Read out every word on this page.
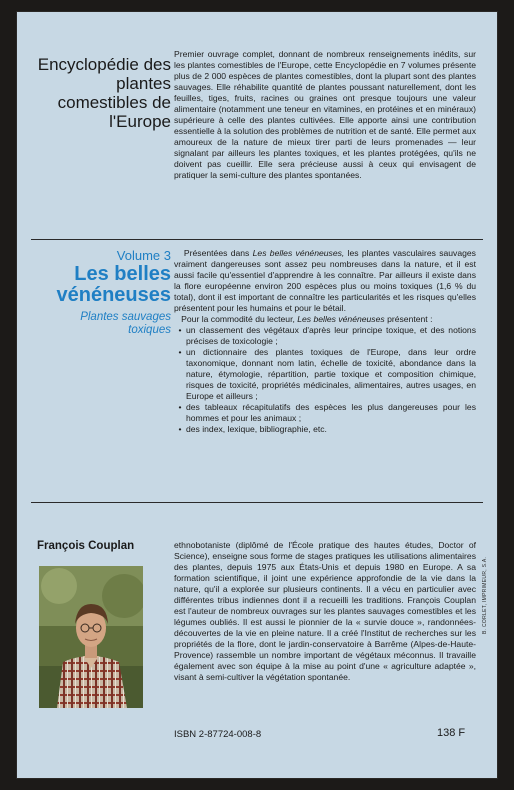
Encyclopédie des plantes comestibles de l'Europe
Premier ouvrage complet, donnant de nombreux renseignements inédits, sur les plantes comestibles de l'Europe, cette Encyclopédie en 7 volumes présente plus de 2 000 espèces de plantes comestibles, dont la plupart sont des plantes sauvages. Elle réhabilite quantité de plantes poussant naturellement, dont les feuilles, tiges, fruits, racines ou graines ont presque toujours une valeur alimentaire (notamment une teneur en vitamines, en protéines et en minéraux) supérieure à celle des plantes cultivées. Elle apporte ainsi une contribution essentielle à la solution des problèmes de nutrition et de santé. Elle permet aux amoureux de la nature de mieux tirer parti de leurs promenades — leur signalant par ailleurs les plantes toxiques, et les plantes protégées, qu'ils ne doivent pas cueillir. Elle sera précieuse aussi à ceux qui envisagent de pratiquer la semi-culture des plantes spontanées.
Volume 3
Les belles vénéneuses
Plantes sauvages toxiques

Présentées dans Les belles vénéneuses, les plantes vasculaires sauvages vraiment dangereuses sont assez peu nombreuses dans la nature, et il est aussi facile qu'essentiel d'apprendre à les connaître. Par ailleurs il existe dans la flore européenne environ 200 espèces plus ou moins toxiques (1,6 % du total), dont il est important de connaître les particularités et les risques qu'elles présentent pour les humains et pour le bétail.

Pour la commodité du lecteur, Les belles vénéneuses présentent :

• un classement des végétaux d'après leur principe toxique, et des notions précises de toxicologie ;
• un dictionnaire des plantes toxiques de l'Europe, dans leur ordre taxonomique, donnant nom latin, échelle de toxicité, abondance dans la nature, étymologie, répartition, partie toxique et composition chimique, risques de toxicité, propriétés médicinales, alimentaires, autres usages, en Europe et ailleurs ;
• des tableaux récapitulatifs des espèces les plus dangereuses pour les hommes et pour les animaux ;
• des index, lexique, bibliographie, etc.
François Couplan	ethnobotaniste (diplômé de l'École pratique des hautes études, Doctor of Science), enseigne sous forme de stages pratiques les utilisations alimentaires des plantes, depuis 1975 aux États-Unis et depuis 1980 en Europe. A sa formation scientifique, il joint une expérience approfondie de la vie dans la nature, qu'il a explorée sur plusieurs continents. Il a vécu en particulier avec différentes tribus indiennes dont il a recueilli les traditions. François Couplan est l'auteur de nombreux ouvrages sur les plantes sauvages comestibles et les légumes oubliés. Il est aussi le pionnier de la « survie douce », randonnées-découvertes de la vie en pleine nature. Il a créé l'Institut de recherches sur les propriétés de la flore, dont le jardin-conservatoire à Barrême (Alpes-de-Haute-Provence) rassemble un nombre important de végétaux méconnus. Il travaille également avec son équipe à la mise au point d'une « agriculture adaptée », visant à semi-cultiver la végétation spontanée.
ISBN 2-87724-008-8	138 F
B. CORLET, IMPRIMEUR, S.A.
